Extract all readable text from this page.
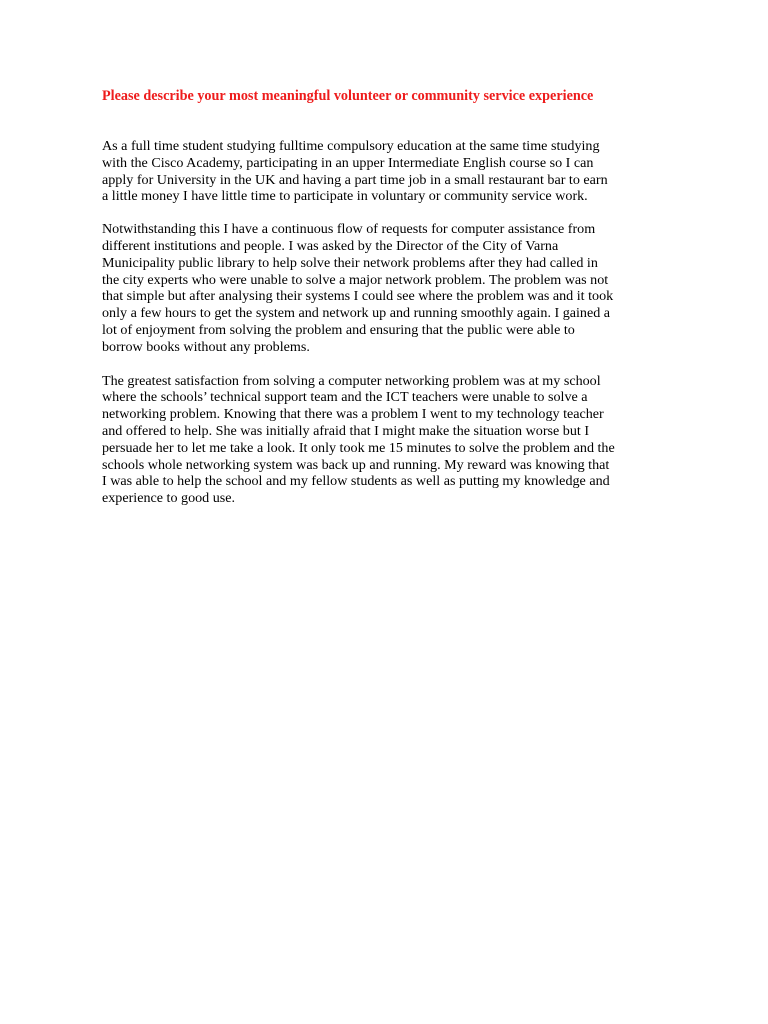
Please describe your most meaningful volunteer or community service experience

As a full time student studying fulltime compulsory education at the same time studying
with the Cisco Academy, participating in an upper Intermediate English course so I can
apply for University in the UK and having a part time job in a small restaurant bar to earn
a little money I have little time to participate in voluntary or community service work.

Notwithstanding this I have a continuous flow of requests for computer assistance from
different institutions and people. I was asked by the Director of the City of Varna
Municipality public library to help solve their network problems after they had called in
the city experts who were unable to solve a major network problem. The problem was not
that simple but after analysing their systems I could see where the problem was and it took
only a few hours to get the system and network up and running smoothly again. I gained a
lot of enjoyment from solving the problem and ensuring that the public were able to
borrow books without any problems.

The greatest satisfaction from solving a computer networking problem was at my school
where the schools’ technical support team and the ICT teachers were unable to solve a
networking problem. Knowing that there was a problem I went to my technology teacher
and offered to help. She was initially afraid that I might make the situation worse but I
persuade her to let me take a look. It only took me 15 minutes to solve the problem and the
schools whole networking system was back up and running. My reward was knowing that
I was able to help the school and my fellow students as well as putting my knowledge and
experience to good use.
